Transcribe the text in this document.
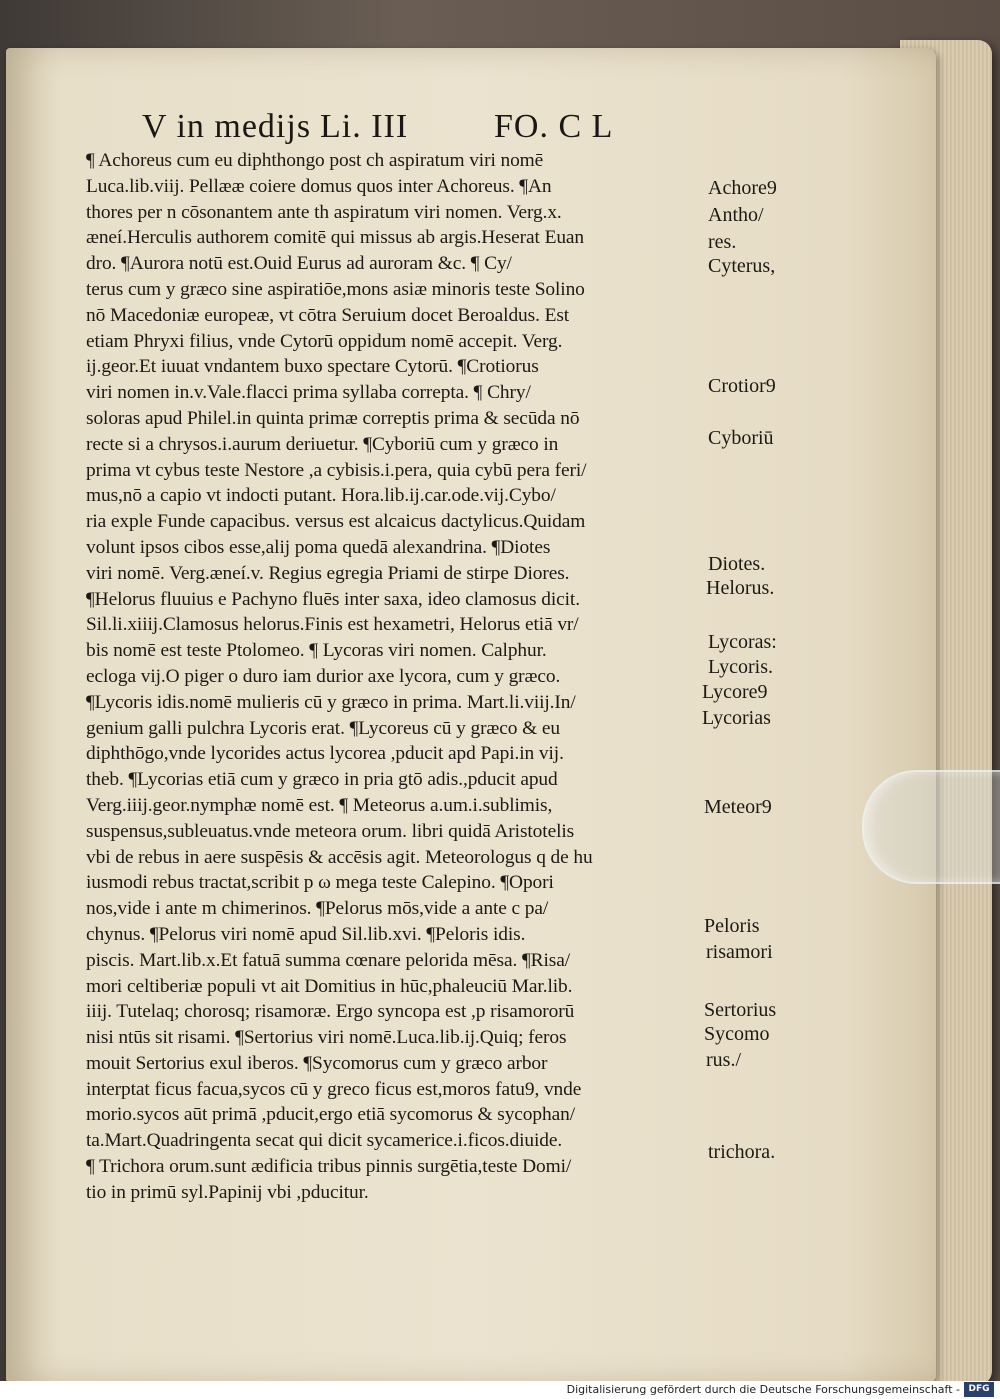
V in medijs Li. III	FO. C L
¶ Achoreus cum eu diphthongo post ch aspiratum viri nomē
Luca.lib.viij. Pellææ coiere domus quos inter Achoreus. ¶An
thores per n cōsonantem ante th aspiratum viri nomen. Verg.x.
æneí.Herculis authorem comitē qui missus ab argis.Heserat Euan
dro. ¶Aurora notū est.Ouid Eurus ad auroram &c. ¶ Cy/
terus cum y græco sine aspiratiōe,mons asiæ minoris teste Solino
nō Macedoniæ europeæ, vt cōtra Seruium docet Beroaldus. Est
etiam Phryxi filius, vnde Cytorū oppidum nomē accepit. Verg.
ij.geor.Et iuuat vndantem buxo spectare Cytorū. ¶Crotiorus
viri nomen in.v.Vale.flacci prima syllaba correpta. ¶ Chry/
soloras apud Philel.in quinta primæ correptis prima & secūda nō
recte si a chrysos.i.aurum deriuetur. ¶Cyboriū cum y græco in
prima vt cybus teste Nestore ,a cybisis.i.pera, quia cybū pera feri/
mus,nō a capio vt indocti putant. Hora.lib.ij.car.ode.vij.Cybo/
ria exple Funde capacibus. versus est alcaicus dactylicus.Quidam
volunt ipsos cibos esse,alij poma quedā alexandrina. ¶Diotes
viri nomē. Verg.æneí.v. Regius egregia Priami de stirpe Diores.
¶Helorus fluuius e Pachyno fluēs inter saxa, ideo clamosus dicit.
Sil.li.xiiij.Clamosus helorus.Finis est hexametri, Helorus etiā vr/
bis nomē est teste Ptolomeo. ¶ Lycoras viri nomen. Calphur.
ecloga vij.O piger o duro iam durior axe lycora, cum y græco.
¶Lycoris idis.nomē mulieris cū y græco in prima. Mart.li.viij.In/
genium galli pulchra Lycoris erat. ¶Lycoreus cū y græco & eu
diphthōgo,vnde lycorides actus lycorea ,pducit apd Papi.in vij.
theb. ¶Lycorias etiā cum y græco in pria gtō adis.,pducit apud
Verg.iiij.geor.nymphæ nomē est. ¶ Meteorus a.um.i.sublimis,
suspensus,subleuatus.vnde meteora orum. libri quidā Aristotelis
vbi de rebus in aere suspēsis & accēsis agit. Meteorologus q de hu
iusmodi rebus tractat,scribit p ω mega teste Calepino. ¶Opori
nos,vide i ante m chimerinos. ¶Pelorus mōs,vide a ante c pa/
chynus. ¶Pelorus viri nomē apud Sil.lib.xvi. ¶Peloris idis.
piscis. Mart.lib.x.Et fatuā summa cœnare pelorida mēsa. ¶Risa/
mori celtiberiæ populi vt ait Domitius in hūc,phaleuciū Mar.lib.
iiij. Tutelaq; chorosq; risamoræ. Ergo syncopa est ,p risamororū
nisi ntūs sit risami. ¶Sertorius viri nomē.Luca.lib.ij.Quiq; feros
mouit Sertorius exul iberos. ¶Sycomorus cum y græco arbor
interptat ficus facua,sycos cū y greco ficus est,moros fatu9, vnde
morio.sycos aūt primā ,pducit,ergo etiā sycomorus & sycophan/
ta.Mart.Quadringenta secat qui dicit sycamerice.i.ficos.diuide.
¶ Trichora orum.sunt ædificia tribus pinnis surgētia,teste Domi/
tio in primū syl.Papinij vbi ,pducitur.
Achore9
Antho/
res.
Cyterus,
Crotior9
Cyboriū
Diotes.
Helorus.
Lycoras:
Lycoris.
Lycore9
Lycorias
Meteor9
Peloris
risamori
Sertorius
Sycomo
rus./
trichora.
Digitalisierung gefördert durch die Deutsche Forschungsgemeinschaft - DFG
